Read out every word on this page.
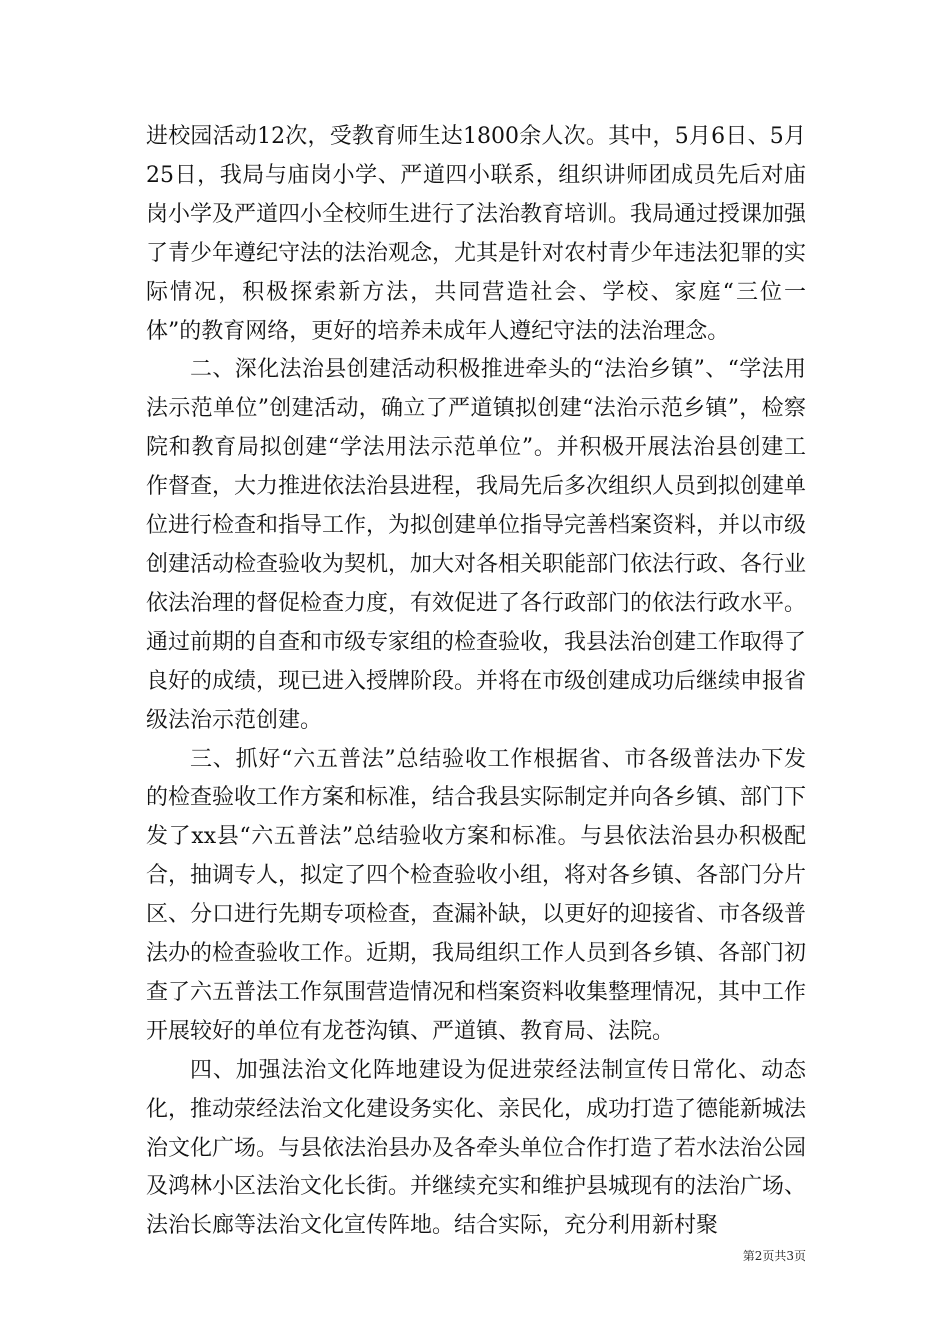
进校园活动12次，受教育师生达1800余人次。其中，5月6日、5月25日，我局与庙岗小学、严道四小联系，组织讲师团成员先后对庙岗小学及严道四小全校师生进行了法治教育培训。我局通过授课加强了青少年遵纪守法的法治观念，尤其是针对农村青少年违法犯罪的实际情况，积极探索新方法，共同营造社会、学校、家庭“三位一体”的教育网络，更好的培养未成年人遵纪守法的法治理念。

二、深化法治县创建活动积极推进牵头的“法治乡镇”、“学法用法示范单位”创建活动，确立了严道镇拟创建“法治示范乡镇”，检察院和教育局拟创建“学法用法示范单位”。并积极开展法治县创建工作督查，大力推进依法治县进程，我局先后多次组织人员到拟创建单位进行检查和指导工作，为拟创建单位指导完善档案资料，并以市级创建活动检查验收为契机，加大对各相关职能部门依法行政、各行业依法治理的督促检查力度，有效促进了各行政部门的依法行政水平。通过前期的自查和市级专家组的检查验收，我县法治创建工作取得了良好的成绩，现已进入授牌阶段。并将在市级创建成功后继续申报省级法治示范创建。

三、抓好“六五普法”总结验收工作根据省、市各级普法办下发的检查验收工作方案和标准，结合我县实际制定并向各乡镇、部门下发了xx县“六五普法”总结验收方案和标准。与县依法治县办积极配合，抽调专人，拟定了四个检查验收小组，将对各乡镇、各部门分片区、分口进行先期专项检查，查漏补缺，以更好的迎接省、市各级普法办的检查验收工作。近期，我局组织工作人员到各乡镇、各部门初查了六五普法工作氛围营造情况和档案资料收集整理情况，其中工作开展较好的单位有龙苍沟镇、严道镇、教育局、法院。

四、加强法治文化阵地建设为促进荥经法制宣传日常化、动态化，推动荥经法治文化建设务实化、亲民化，成功打造了德能新城法治文化广场。与县依法治县办及各牵头单位合作打造了若水法治公园及鸿林小区法治文化长街。并继续充实和维护县城现有的法治广场、法治长廊等法治文化宣传阵地。结合实际，充分利用新村聚

第2页共3页
